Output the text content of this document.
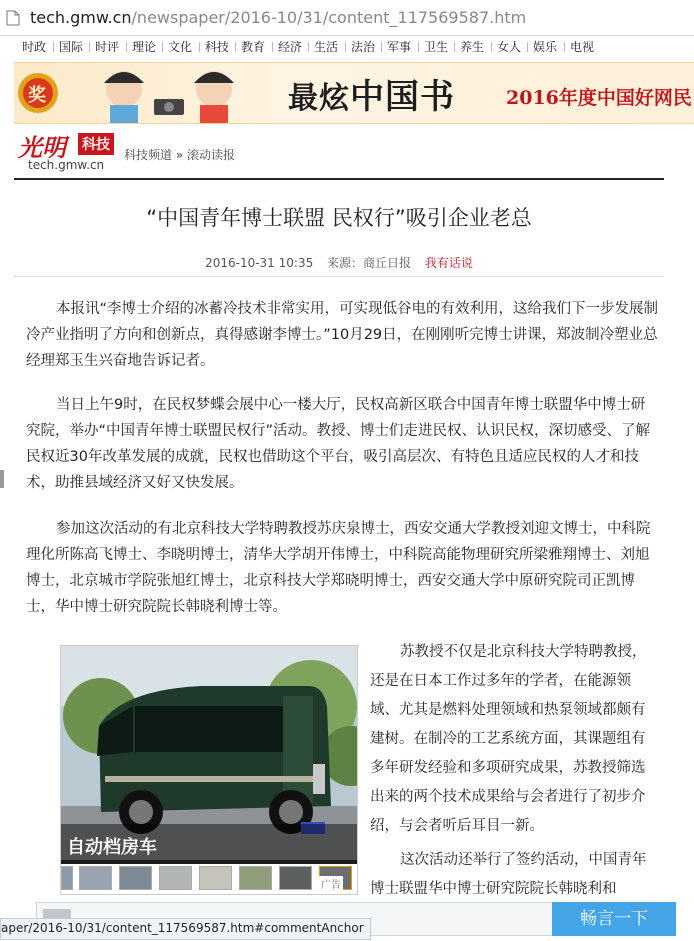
tech.gmw.cn/newspaper/2016-10/31/content_117569587.htm
时政 国际 时评 理论 文化 科技 教育 经济 生活 法治 军事 卫生 养生 女人 娱乐 电视
奖	最炫中国书	2016年度中国好网民
光明 科技
tech.gmw.cn
科技频道 » 滚动读报
“中国青年博士联盟 民权行”吸引企业老总
2016-10-31 10:35 来源：商丘日报 我有话说

本报讯“李博士介绍的冰蓄冷技术非常实用，可实现低谷电的有效利用，这给我们下一步发展制冷产业指明了方向和创新点，真得感谢李博士。”10月29日，在刚刚听完博士讲课，郑波制冷塑业总经理郑玉生兴奋地告诉记者。

当日上午9时，在民权梦蝶会展中心一楼大厅，民权高新区联合中国青年博士联盟华中博士研究院，举办“中国青年博士联盟民权行”活动。教授、博士们走进民权、认识民权，深切感受、了解民权近30年改革发展的成就，民权也借助这个平台，吸引高层次、有特色且适应民权的人才和技术，助推县域经济又好又快发展。

参加这次活动的有北京科技大学特聘教授苏庆泉博士，西安交通大学教授刘迎文博士，中科院理化所陈高飞博士、李晓明博士，清华大学胡开伟博士，中科院高能物理研究所梁雅翔博士、刘旭博士，北京城市学院张旭红博士，北京科技大学郑晓明博士，西安交通大学中原研究院司正凯博士，华中博士研究院院长韩晓利博士等。

自动档房车
广告

苏教授不仅是北京科技大学特聘教授，还是在日本工作过多年的学者，在能源领域、尤其是燃料处理领域和热泵领域都颇有建树。在制冷的工艺系统方面，其课题组有多年研发经验和多项研究成果，苏教授筛选出来的两个技术成果给与会者进行了初步介绍，与会者听后耳目一新。

这次活动还举行了签约活动，中国青年博士联盟华中博士研究院院长韩晓利和

畅言一下
aper/2016-10/31/content_117569587.htm#commentAnchor
